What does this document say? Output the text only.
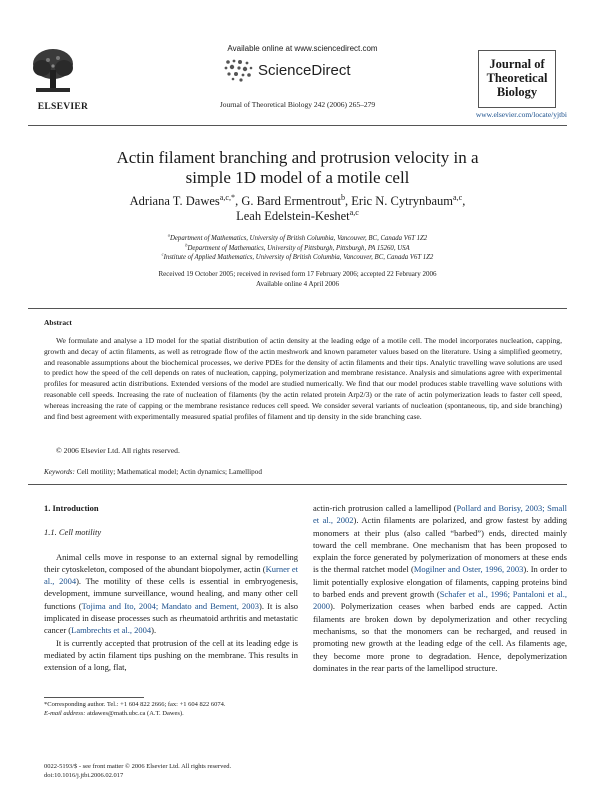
ELSEVIER
Available online at www.sciencedirect.com
ScienceDirect
Journal of Theoretical Biology 242 (2006) 265–279
Journal of
Theoretical
Biology
www.elsevier.com/locate/yjtbi
Actin filament branching and protrusion velocity in a
simple 1D model of a motile cell
Adriana T. Dawes$^{a,c,*}$, G. Bard Ermentrout$^b$, Eric N. Cytrynbaum$^{a,c}$,
Leah Edelstein-Keshet$^{a,c}$
$^a$Department of Mathematics, University of British Columbia, Vancouver, BC, Canada V6T 1Z2
$^b$Department of Mathematics, University of Pittsburgh, Pittsburgh, PA 15260, USA
$^c$Institute of Applied Mathematics, University of British Columbia, Vancouver, BC, Canada V6T 1Z2
Received 19 October 2005; received in revised form 17 February 2006; accepted 22 February 2006
Available online 4 April 2006
Abstract
We formulate and analyse a 1D model for the spatial distribution of actin density at the leading edge of a motile cell. The model incorporates nucleation, capping, growth and decay of actin filaments, as well as retrograde flow of the actin meshwork and known parameter values based on the literature. Using a simplified geometry, and reasonable assumptions about the biochemical processes, we derive PDEs for the density of actin filaments and their tips. Analytic travelling wave solutions are used to predict how the speed of the cell depends on rates of nucleation, capping, polymerization and membrane resistance. Analysis and simulations agree with experimental profiles for measured actin distributions. Extended versions of the model are studied numerically. We find that our model produces stable travelling wave solutions with reasonable cell speeds. Increasing the rate of nucleation of filaments (by the actin related protein Arp2/3) or the rate of actin polymerization leads to faster cell speed, whereas increasing the rate of capping or the membrane resistance reduces cell speed. We consider several variants of nucleation (spontaneous, tip, and side branching) and find best agreement with experimentally measured spatial profiles of filament and tip density in the side branching case.
© 2006 Elsevier Ltd. All rights reserved.
Keywords: Cell motility; Mathematical model; Actin dynamics; Lamellipod
1. Introduction
1.1. Cell motility

Animal cells move in response to an external signal by remodelling their cytoskeleton, composed of the abundant biopolymer, actin (Kurner et al., 2004). The motility of these cells is essential in embryogenesis, development, immune surveillance, wound healing, and many other cell functions (Tojima and Ito, 2004; Mandato and Bement, 2003). It is also implicated in disease processes such as rheumatoid arthritis and metastatic cancer (Lambrechts et al., 2004).

It is currently accepted that protrusion of the cell at its leading edge is mediated by actin filament tips pushing on the membrane. This results in extension of a long, flat,

actin-rich protrusion called a lamellipod (Pollard and Borisy, 2003; Small et al., 2002). Actin filaments are polarized, and grow fastest by adding monomers at their plus (also called “barbed”) ends, directed mainly toward the cell membrane. One mechanism that has been proposed to explain the force generated by polymerization of monomers at these ends is the thermal ratchet model (Mogilner and Oster, 1996, 2003). In order to limit potentially explosive elongation of filaments, capping proteins bind to barbed ends and prevent growth (Schafer et al., 1996; Pantaloni et al., 2000). Polymerization ceases when barbed ends are capped. Actin filaments are broken down by depolymerization and other recycling mechanisms, so that the monomers can be recharged, and reused in promoting new growth at the leading edge of the cell. As filaments age, they become more prone to degradation. Hence, depolymerization dominates in the rear parts of the lamellipod structure.

*Corresponding author. Tel.: +1 604 822 2666; fax: +1 604 822 6074.
E-mail address: atdawes@math.ubc.ca (A.T. Dawes).
0022-5193/$ - see front matter © 2006 Elsevier Ltd. All rights reserved.
doi:10.1016/j.jtbi.2006.02.017
